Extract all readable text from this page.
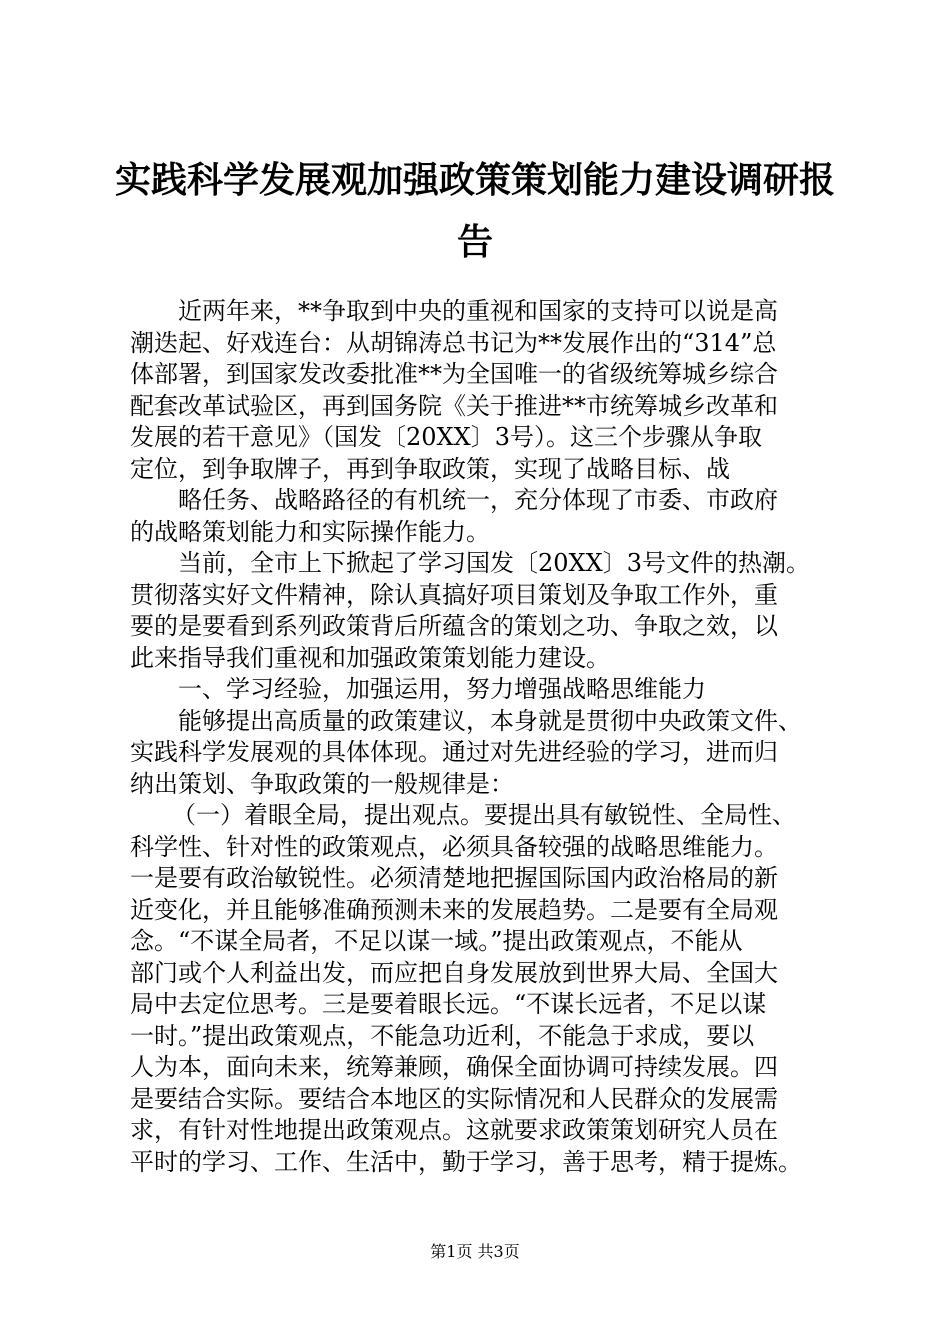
实践科学发展观加强政策策划能力建设调研报
告
近两年来，**争取到中央的重视和国家的支持可以说是高
潮迭起、好戏连台：从胡锦涛总书记为**发展作出的“314”总
体部署，到国家发改委批准**为全国唯一的省级统筹城乡综合
配套改革试验区，再到国务院《关于推进**市统筹城乡改革和
发展的若干意见》（国发〔20XX〕3号）。这三个步骤从争取
定位，到争取牌子，再到争取政策，实现了战略目标、战
略任务、战略路径的有机统一，充分体现了市委、市政府
的战略策划能力和实际操作能力。
当前，全市上下掀起了学习国发〔20XX〕3号文件的热潮。
贯彻落实好文件精神，除认真搞好项目策划及争取工作外，重
要的是要看到系列政策背后所蕴含的策划之功、争取之效，以
此来指导我们重视和加强政策策划能力建设。
一、学习经验，加强运用，努力增强战略思维能力
能够提出高质量的政策建议，本身就是贯彻中央政策文件、
实践科学发展观的具体体现。通过对先进经验的学习，进而归
纳出策划、争取政策的一般规律是：
（一）着眼全局，提出观点。要提出具有敏锐性、全局性、
科学性、针对性的政策观点，必须具备较强的战略思维能力。
一是要有政治敏锐性。必须清楚地把握国际国内政治格局的新
近变化，并且能够准确预测未来的发展趋势。二是要有全局观
念。“不谋全局者，不足以谋一域。”提出政策观点，不能从
部门或个人利益出发，而应把自身发展放到世界大局、全国大
局中去定位思考。三是要着眼长远。“不谋长远者，不足以谋
一时。”提出政策观点，不能急功近利，不能急于求成，要以
人为本，面向未来，统筹兼顾，确保全面协调可持续发展。四
是要结合实际。要结合本地区的实际情况和人民群众的发展需
求，有针对性地提出政策观点。这就要求政策策划研究人员在
平时的学习、工作、生活中，勤于学习，善于思考，精于提炼。
第1页 共3页
